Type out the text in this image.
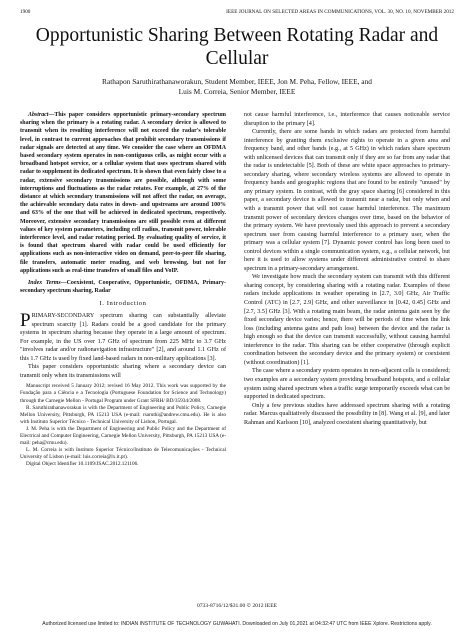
1900	IEEE JOURNAL ON SELECTED AREAS IN COMMUNICATIONS, VOL. 30, NO. 10, NOVEMBER 2012
Opportunistic Sharing Between Rotating Radar and Cellular
Rathapon Saruthirathanaworakun, Student Member, IEEE, Jon M. Peha, Fellow, IEEE, and
Luis M. Correia, Senior Member, IEEE

Abstract—This paper considers opportunistic primary-secondary spectrum sharing when the primary is a rotating radar. A secondary device is allowed to transmit when its resulting interference will not exceed the radar's tolerable level, in contrast to current approaches that prohibit secondary transmissions if radar signals are detected at any time. We consider the case where an OFDMA based secondary system operates in non-contiguous cells, as might occur with a broadband hotspot service, or a cellular system that uses spectrum shared with radar to supplement its dedicated spectrum. It is shown that even fairly close to a radar, extensive secondary transmissions are possible, although with some interruptions and fluctuations as the radar rotates. For example, at 27% of the distance at which secondary transmissions will not affect the radar, on average, the achievable secondary data rates in down- and upstreams are around 100% and 63% of the one that will be achieved in dedicated spectrum, respectively. Moreover, extensive secondary transmissions are still possible even at different values of key system parameters, including cell radius, transmit power, tolerable interference level, and radar rotating period. By evaluating quality of service, it is found that spectrum shared with radar could be used efficiently for applications such as non-interactive video on demand, peer-to-peer file sharing, file transfers, automatic meter reading, and web browsing, but not for applications such as real-time transfers of small files and VoIP.

Index Terms—Coexistent, Cooperative, Opportunistic, OFDMA, Primary-secondary spectrum sharing, Radar

I. Introduction

PRIMARY-SECONDARY spectrum sharing can substantially alleviate spectrum scarcity [1]. Radars could be a good candidate for the primary systems in spectrum sharing because they operate in a large amount of spectrum. For example, in the US over 1.7 GHz of spectrum from 225 MHz to 3.7 GHz "involves radar and/or radionavigation infrastructure" [2], and around 1.1 GHz of this 1.7 GHz is used by fixed land-based radars in non-military applications [3].

This paper considers opportunistic sharing where a secondary device can transmit only when its transmissions will

Manuscript received 5 January 2012; revised 16 May 2012. This work was supported by the Fundação para a Ciência e a Tecnologia (Portuguese Foundation for Science and Technology) through the Carnegie Mellon - Portugal Program under Grant SFRH/ BD/35934/2008.
R. Saruthirathanaworakun is with the Department of Engineering and Public Policy, Carnegie Mellon University, Pittsburgh, PA 15213 USA (e-mail: rsaruthi@andrew.cmu.edu). He is also with Instituto Superior Técnico - Technical University of Lisbon, Portugal.
J. M. Peha is with the Department of Engineering and Public Policy and the Department of Electrical and Computer Engineering, Carnegie Mellon University, Pittsburgh, PA 15213 USA (e-mail: peha@cmu.edu).
L. M. Correia is with Instituto Superior Técnico/Instituto de Telecomunicações - Technical University of Lisbon (e-mail: luis.correia@lx.it.pt).
Digital Object Identifier 10.1109/JSAC.2012.121106.

not cause harmful interference, i.e., interference that causes noticeable service disruption to the primary [4].

Currently, there are some bands in which radars are protected from harmful interference by granting them exclusive rights to operate in a given area and frequency band, and other bands (e.g., at 5 GHz) in which radars share spectrum with unlicensed devices that can transmit only if they are so far from any radar that the radar is undetectable [5]. Both of these are white space approaches to primary-secondary sharing, where secondary wireless systems are allowed to operate in frequency bands and geographic regions that are found to be entirely "unused" by any primary system. In contrast, with the gray space sharing [6] considered in this paper, a secondary device is allowed to transmit near a radar, but only when and with a transmit power that will not cause harmful interference. The maximum transmit power of secondary devices changes over time, based on the behavior of the primary system. We have previously used this approach to prevent a secondary spectrum user from causing harmful interference to a primary user, when the primary was a cellular system [7]. Dynamic power control has long been used to control devices within a single communication system, e.g., a cellular network, but here it is used to allow systems under different administrative control to share spectrum in a primary-secondary arrangement.

We investigate how much the secondary system can transmit with this different sharing concept, by considering sharing with a rotating radar. Examples of these radars include applications in weather operating in [2.7, 3.0] GHz, Air Traffic Control (ATC) in [2.7, 2.9] GHz, and other surveillance in [0.42, 0.45] GHz and [2.7, 3.5] GHz [3]. With a rotating main beam, the radar antenna gain seen by the fixed secondary device varies; hence, there will be periods of time when the link loss (including antenna gains and path loss) between the device and the radar is high enough so that the device can transmit successfully, without causing harmful interference to the radar. This sharing can be either cooperative (through explicit coordination between the secondary device and the primary system) or coexistent (without coordination) [1].

The case where a secondary system operates in non-adjacent cells is considered; two examples are a secondary system providing broadband hotspots, and a cellular system using shared spectrum when a traffic surge temporarily exceeds what can be supported in dedicated spectrum.

Only a few previous studies have addressed spectrum sharing with a rotating radar. Marcus qualitatively discussed the possibility in [8]. Wang et al. [9], and later Rahman and Karlsson [10], analyzed coexistent sharing quantitatively, but

0733-8716/12/$31.00 © 2012 IEEE
Authorized licensed use limited to: INDIAN INSTITUTE OF TECHNOLOGY GUWAHATI. Downloaded on July 01,2021 at 04:32:47 UTC from IEEE Xplore. Restrictions apply.
